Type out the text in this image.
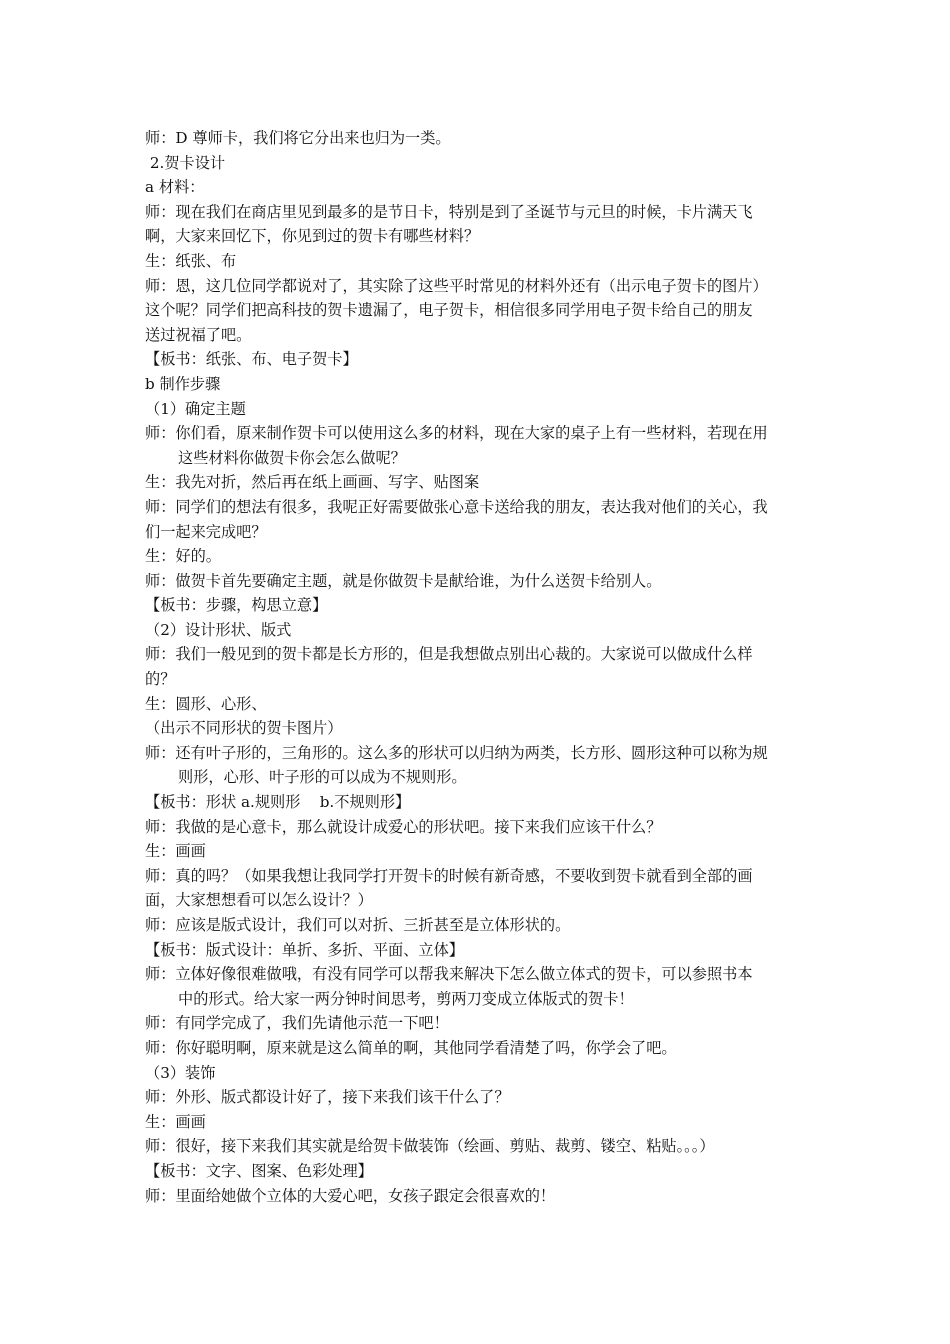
师：D 尊师卡，我们将它分出来也归为一类。
2.贺卡设计
a 材料：
师：现在我们在商店里见到最多的是节日卡，特别是到了圣诞节与元旦的时候，卡片满天飞
啊，大家来回忆下，你见到过的贺卡有哪些材料？
生：纸张、布
师：恩，这几位同学都说对了，其实除了这些平时常见的材料外还有（出示电子贺卡的图片）
这个呢？同学们把高科技的贺卡遗漏了，电子贺卡，相信很多同学用电子贺卡给自己的朋友
送过祝福了吧。
【板书：纸张、布、电子贺卡】
b 制作步骤
（1）确定主题
师：你们看，原来制作贺卡可以使用这么多的材料，现在大家的桌子上有一些材料，若现在用
这些材料你做贺卡你会怎么做呢？
生：我先对折，然后再在纸上画画、写字、贴图案
师：同学们的想法有很多，我呢正好需要做张心意卡送给我的朋友，表达我对他们的关心，我
们一起来完成吧？
生：好的。
师：做贺卡首先要确定主题，就是你做贺卡是献给谁，为什么送贺卡给别人。
【板书：步骤，构思立意】
（2）设计形状、版式
师：我们一般见到的贺卡都是长方形的，但是我想做点别出心裁的。大家说可以做成什么样
的？
生：圆形、心形、
（出示不同形状的贺卡图片）
师：还有叶子形的，三角形的。这么多的形状可以归纳为两类，长方形、圆形这种可以称为规
则形，心形、叶子形的可以成为不规则形。
【板书：形状 a.规则形    b.不规则形】
师：我做的是心意卡，那么就设计成爱心的形状吧。接下来我们应该干什么？
生：画画
师：真的吗？（如果我想让我同学打开贺卡的时候有新奇感，不要收到贺卡就看到全部的画
面，大家想想看可以怎么设计？）
师：应该是版式设计，我们可以对折、三折甚至是立体形状的。
【板书：版式设计：单折、多折、平面、立体】
师：立体好像很难做哦，有没有同学可以帮我来解决下怎么做立体式的贺卡，可以参照书本
中的形式。给大家一两分钟时间思考，剪两刀变成立体版式的贺卡！
师：有同学完成了，我们先请他示范一下吧！
师：你好聪明啊，原来就是这么简单的啊，其他同学看清楚了吗，你学会了吧。
（3）装饰
师：外形、版式都设计好了，接下来我们该干什么了？
生：画画
师：很好，接下来我们其实就是给贺卡做装饰（绘画、剪贴、裁剪、镂空、粘贴。。。）
【板书：文字、图案、色彩处理】
师：里面给她做个立体的大爱心吧，女孩子跟定会很喜欢的！
